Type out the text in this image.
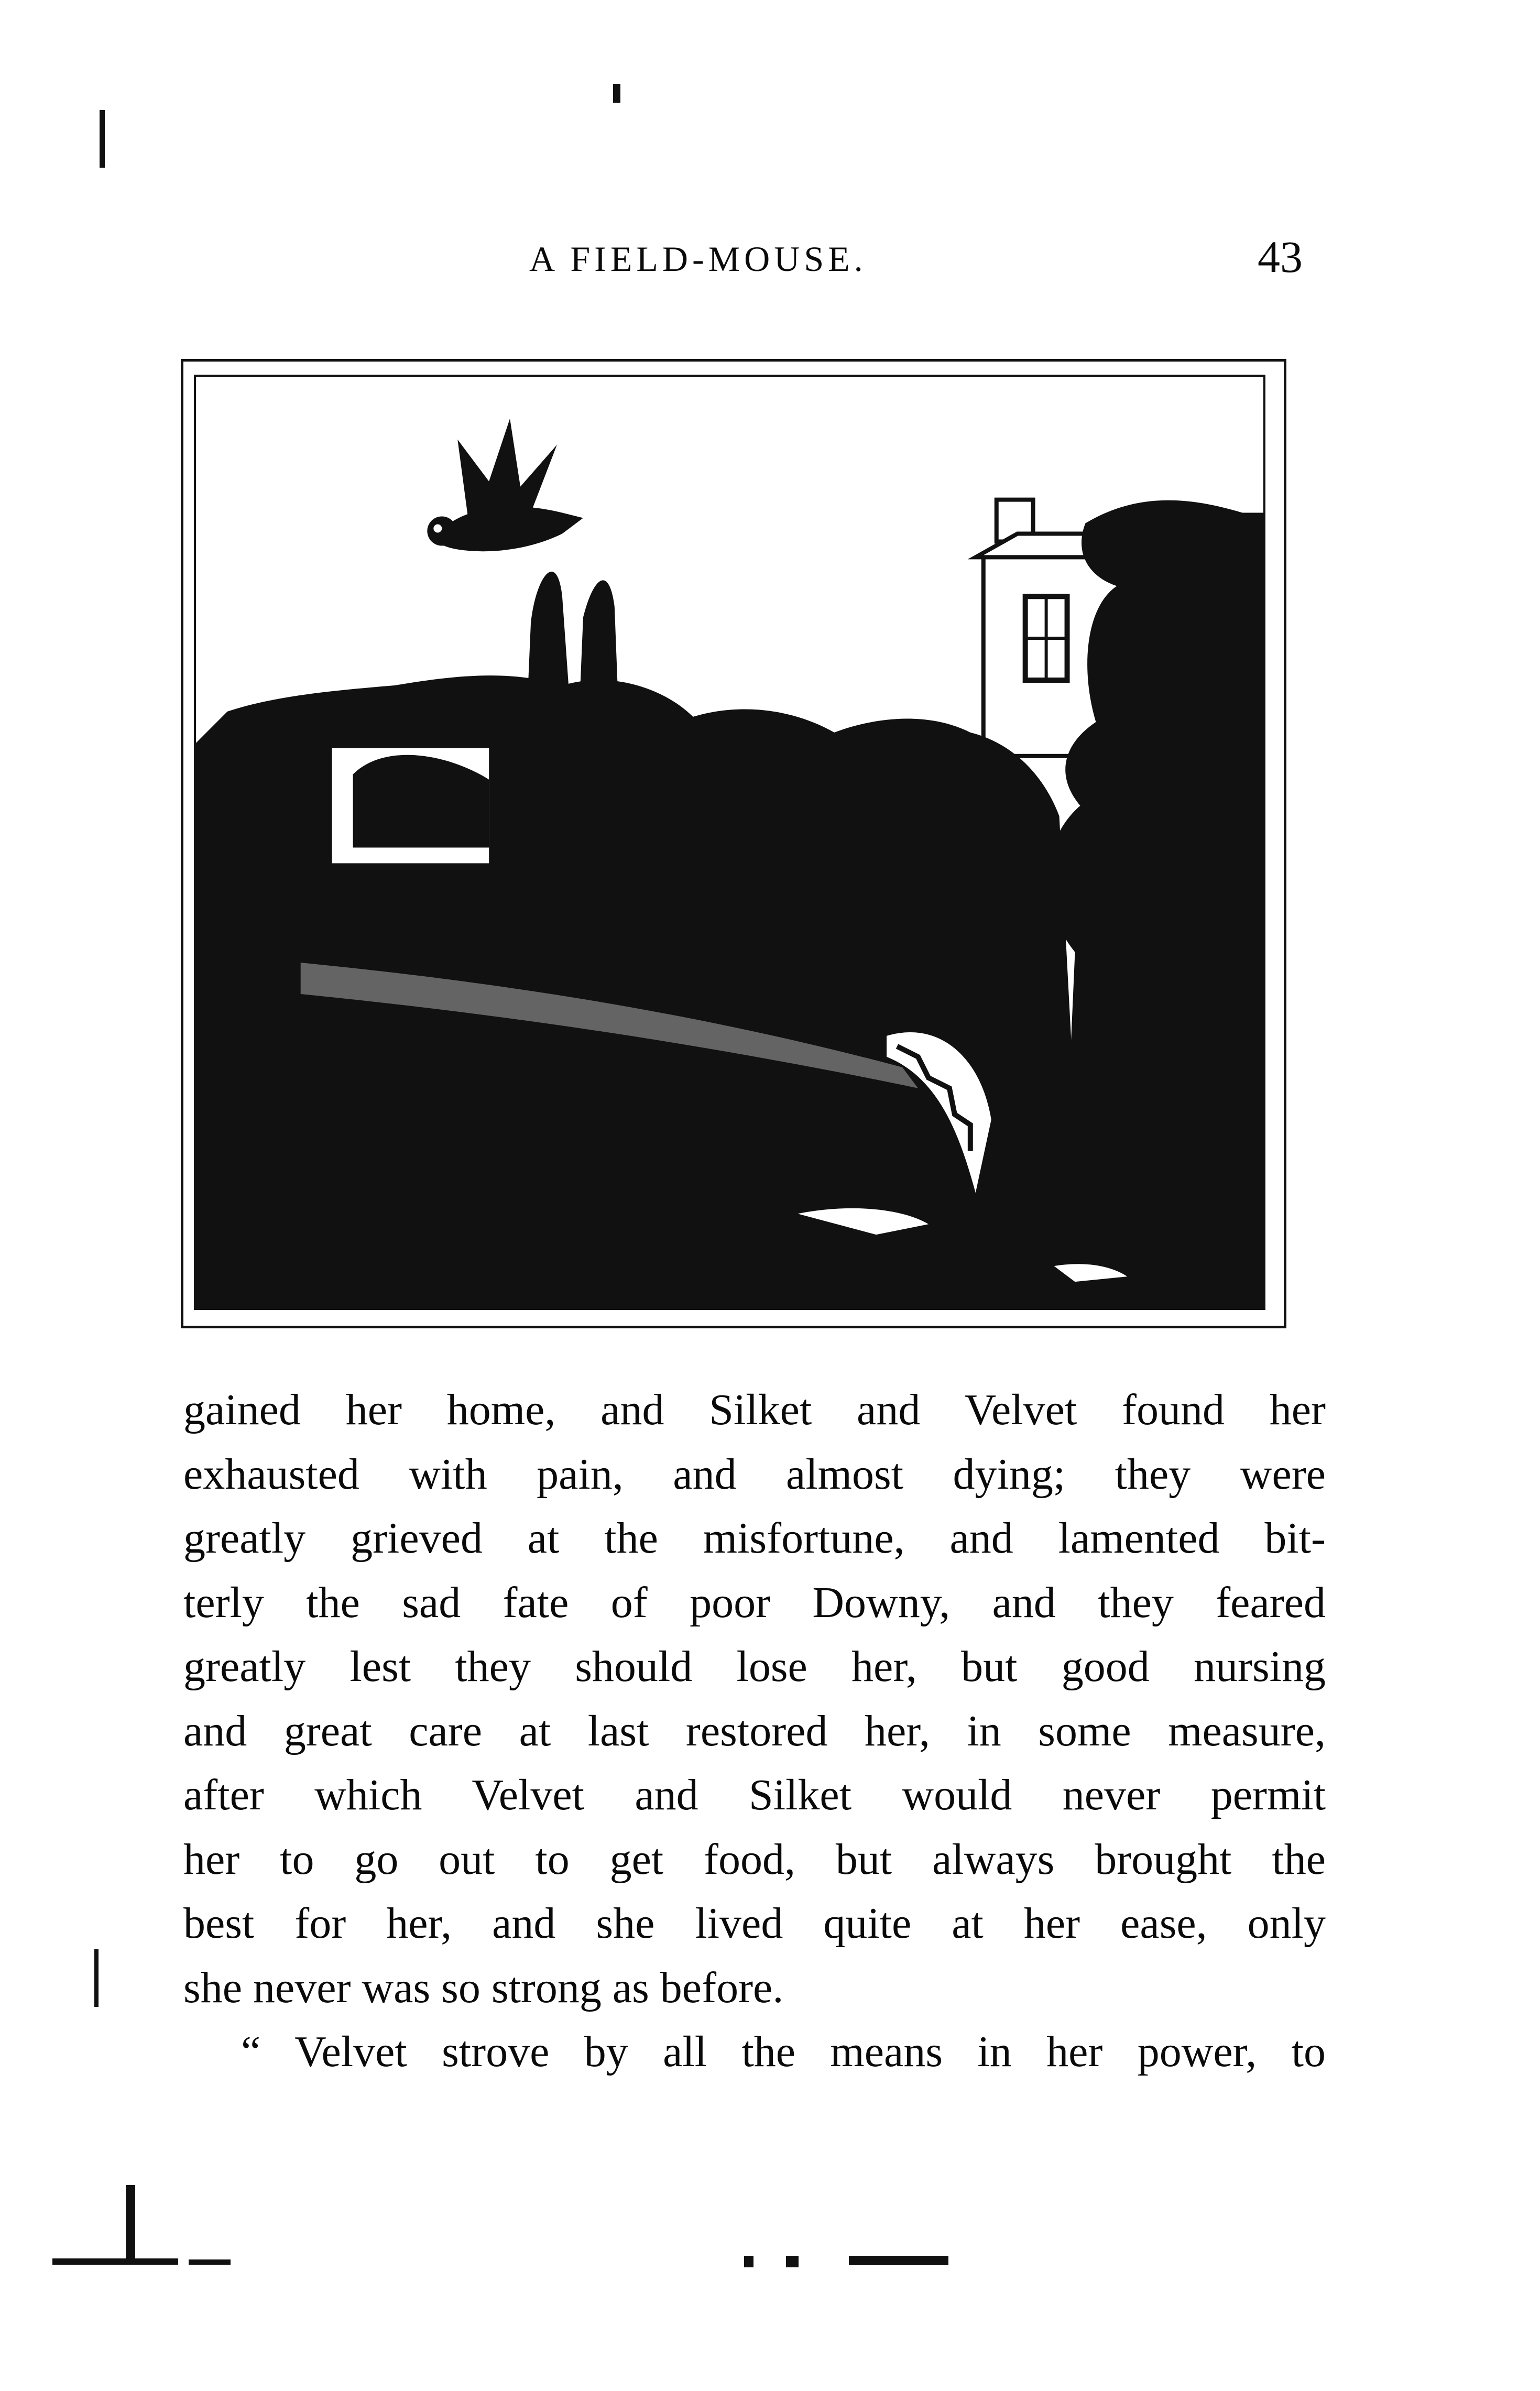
A FIELD-MOUSE.	43
gained her home, and Silket and Velvet found her
exhausted with pain, and almost dying; they were
greatly grieved at the misfortune, and lamented bit-
terly the sad fate of poor Downy, and they feared
greatly lest they should lose her, but good nursing
and great care at last restored her, in some measure,
after which Velvet and Silket would never permit
her to go out to get food, but always brought the
best for her, and she lived quite at her ease, only
she never was so strong as before.
“ Velvet strove by all the means in her power, to
